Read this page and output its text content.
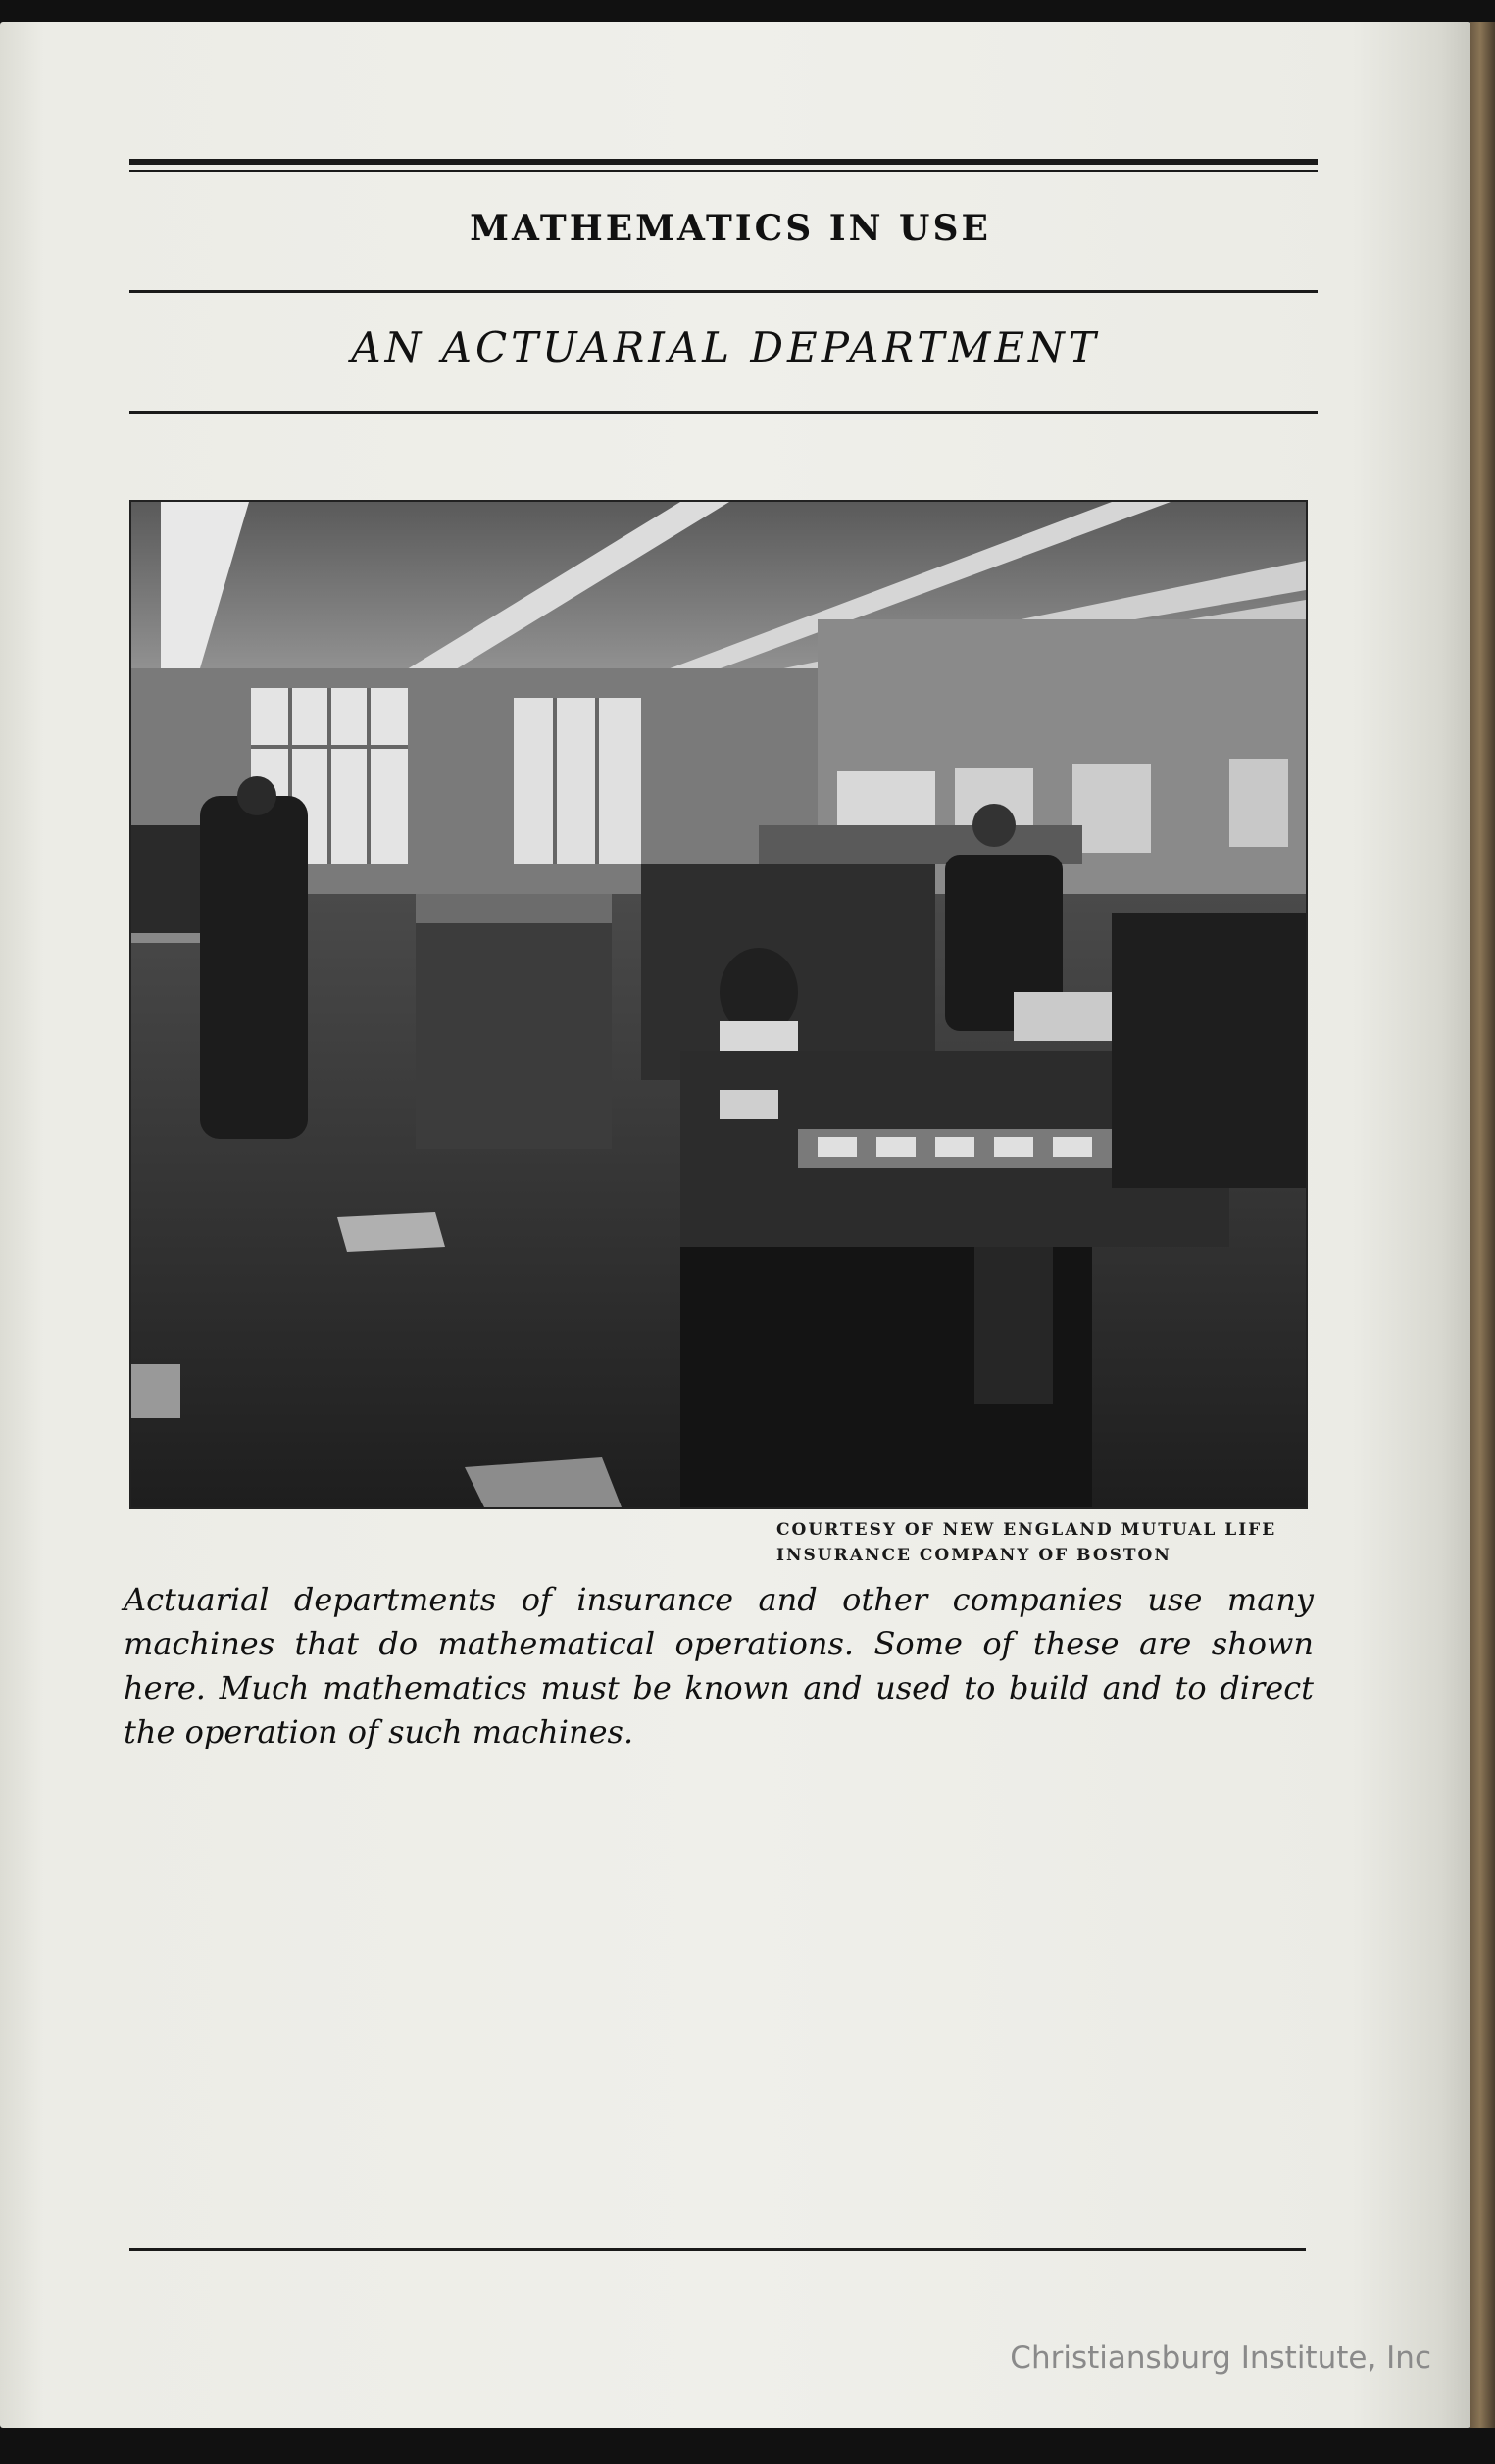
MATHEMATICS IN USE
AN ACTUARIAL DEPARTMENT
COURTESY OF NEW ENGLAND MUTUAL LIFE
INSURANCE COMPANY OF BOSTON
Actuarial departments of insurance and other companies use many machines that do mathematical operations. Some of these are shown here. Much mathematics must be known and used to build and to direct the operation of such machines.
Christiansburg Institute, Inc
